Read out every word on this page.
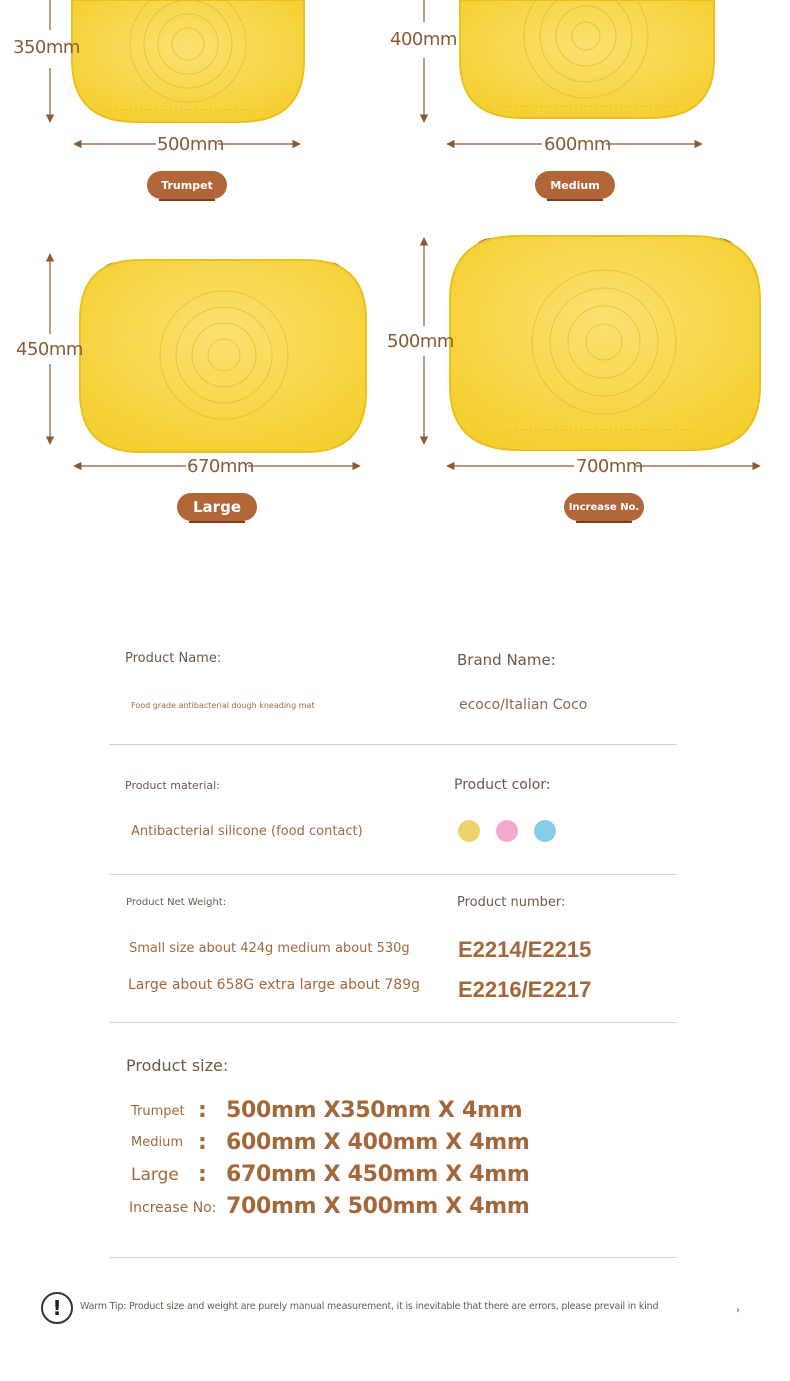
350mm
500mm
400mm
600mm
450mm
670mm
500mm
700mm
Trumpet	Medium
Large	Increase No.
Product Name:
Food grade antibacterial dough kneading mat
Brand Name:
ecoco/Italian Coco
Product material:
Antibacterial silicone (food contact)
Product color:
Product Net Weight:
Small size about 424g medium about 530g
Large about 658G extra large about 789g
Product number:
E2214/E2215
E2216/E2217
Product size:
Trumpet : 500mm X350mm X 4mm
Medium : 600mm X 400mm X 4mm
Large : 670mm X 450mm X 4mm
Increase No: 700mm X 500mm X 4mm
!	Warm Tip: Product size and weight are purely manual measurement, it is inevitable that there are errors, please prevail in kind	›
